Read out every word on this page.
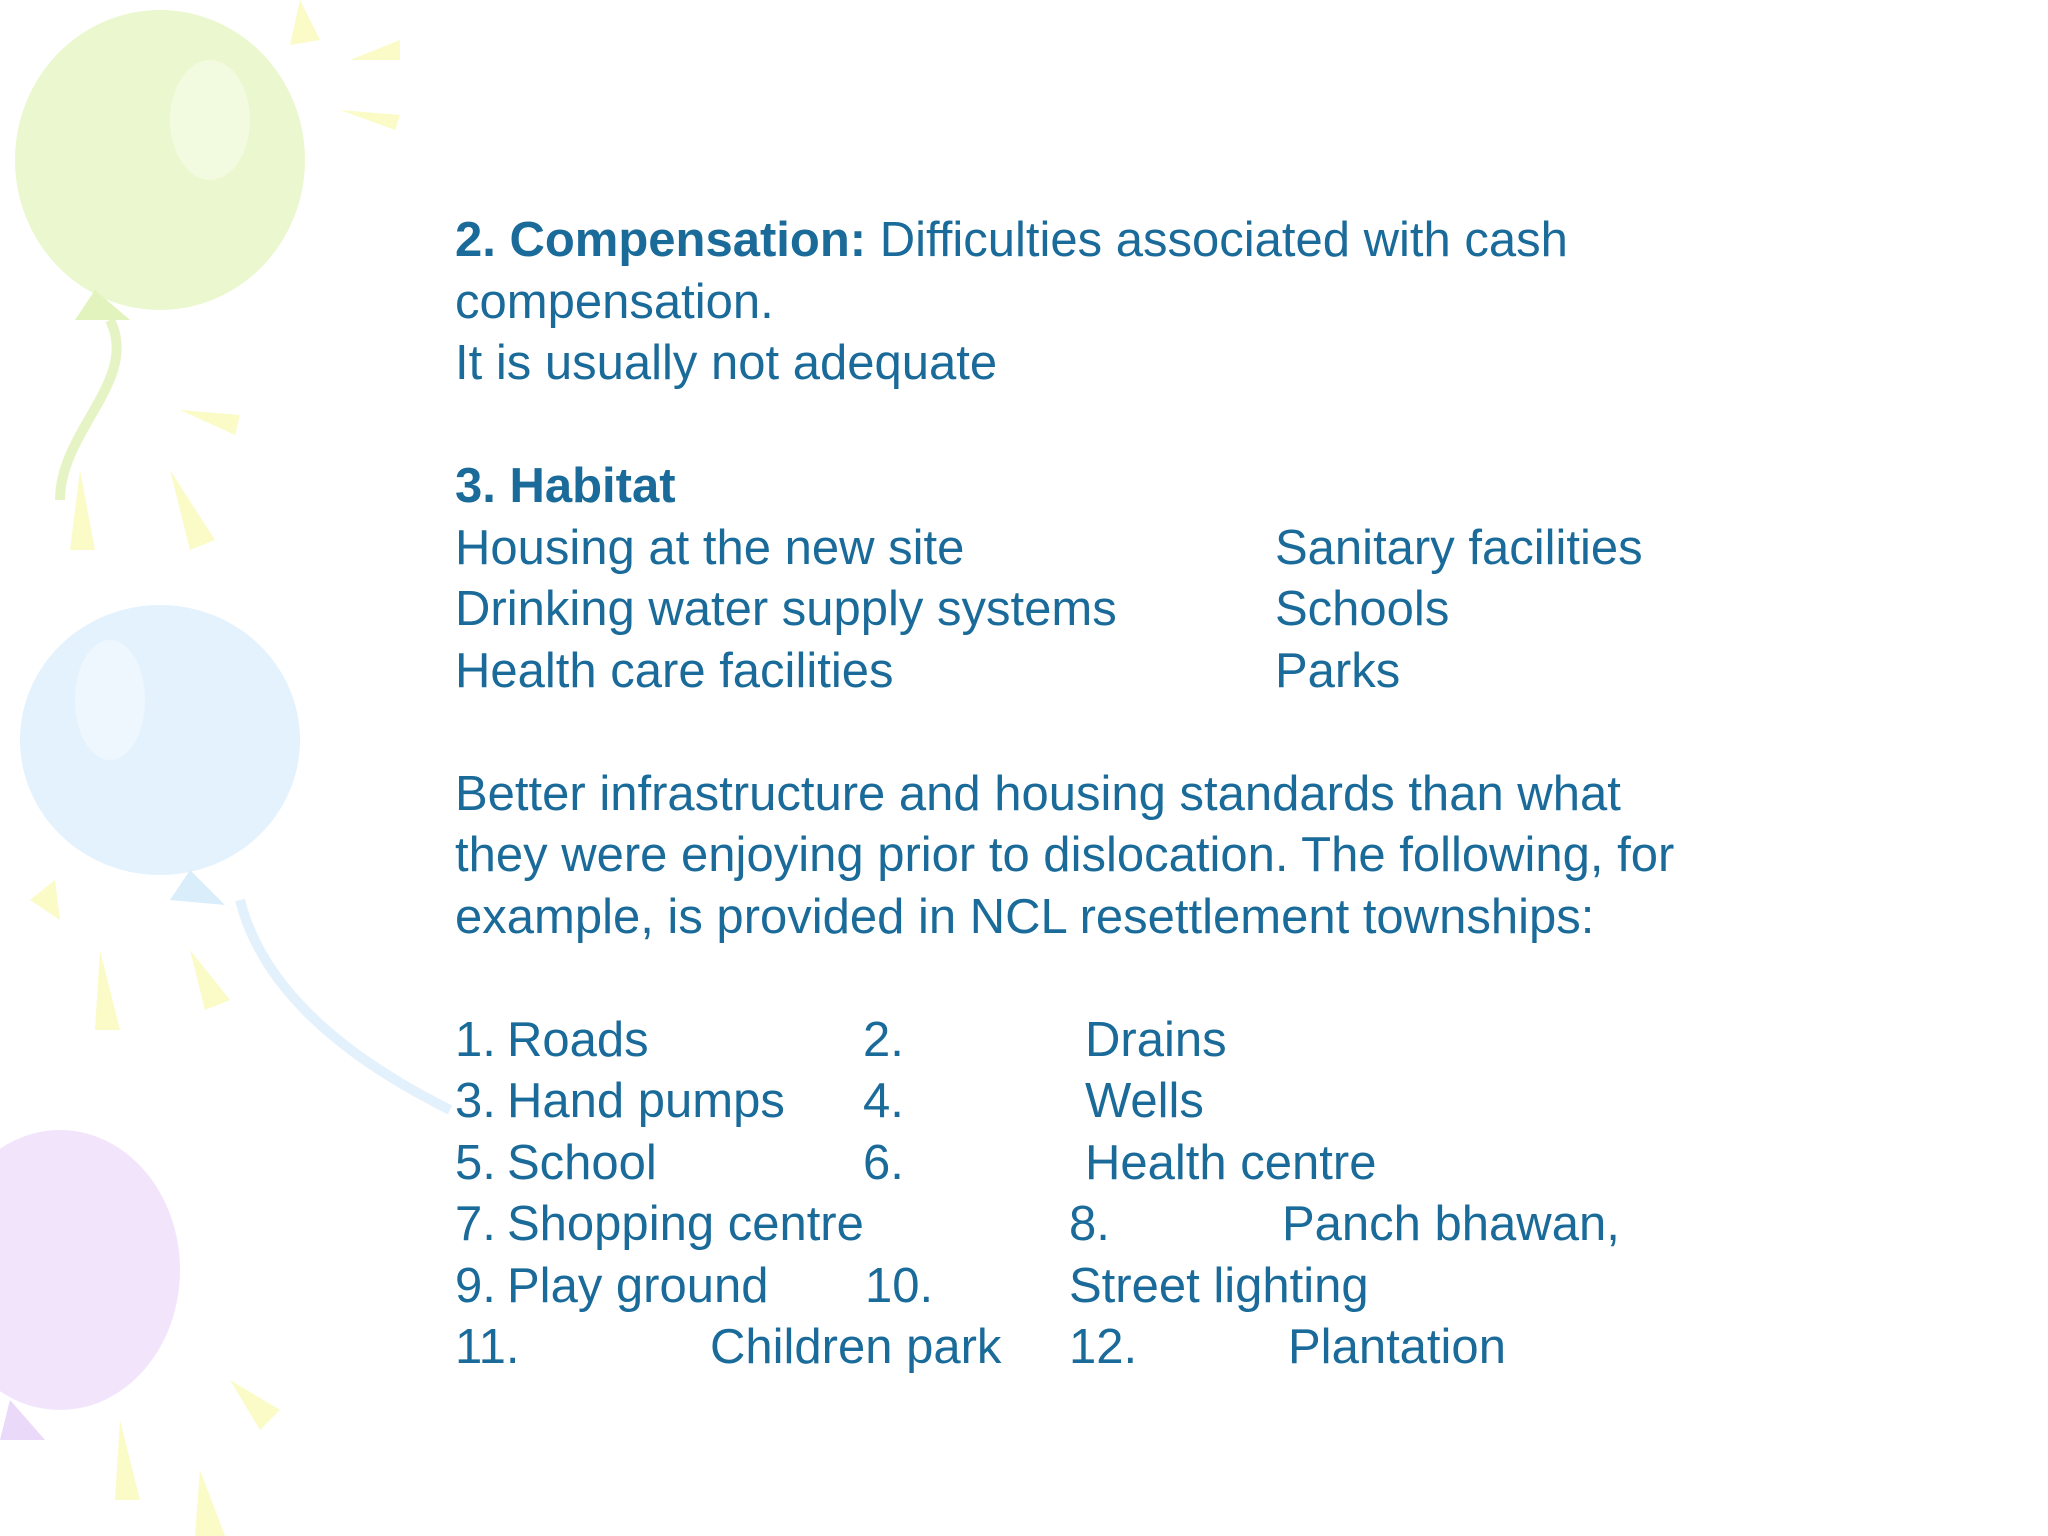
2. Compensation: Difficulties associated with cash
compensation.
It is usually not adequate
3. Habitat
Housing at the new site	Sanitary facilities
Drinking water supply systems	Schools
Health care facilities	Parks
Better infrastructure and housing standards than what
they were enjoying prior to dislocation. The following, for
example, is provided in NCL resettlement townships:
1. Roads	2.	Drains
3. Hand pumps 4.	Wells
5. School	6.	Health centre
7. Shopping centre	8.	Panch bhawan,
9. Play ground 10.	Street lighting
11.	Children park 12.	Plantation
